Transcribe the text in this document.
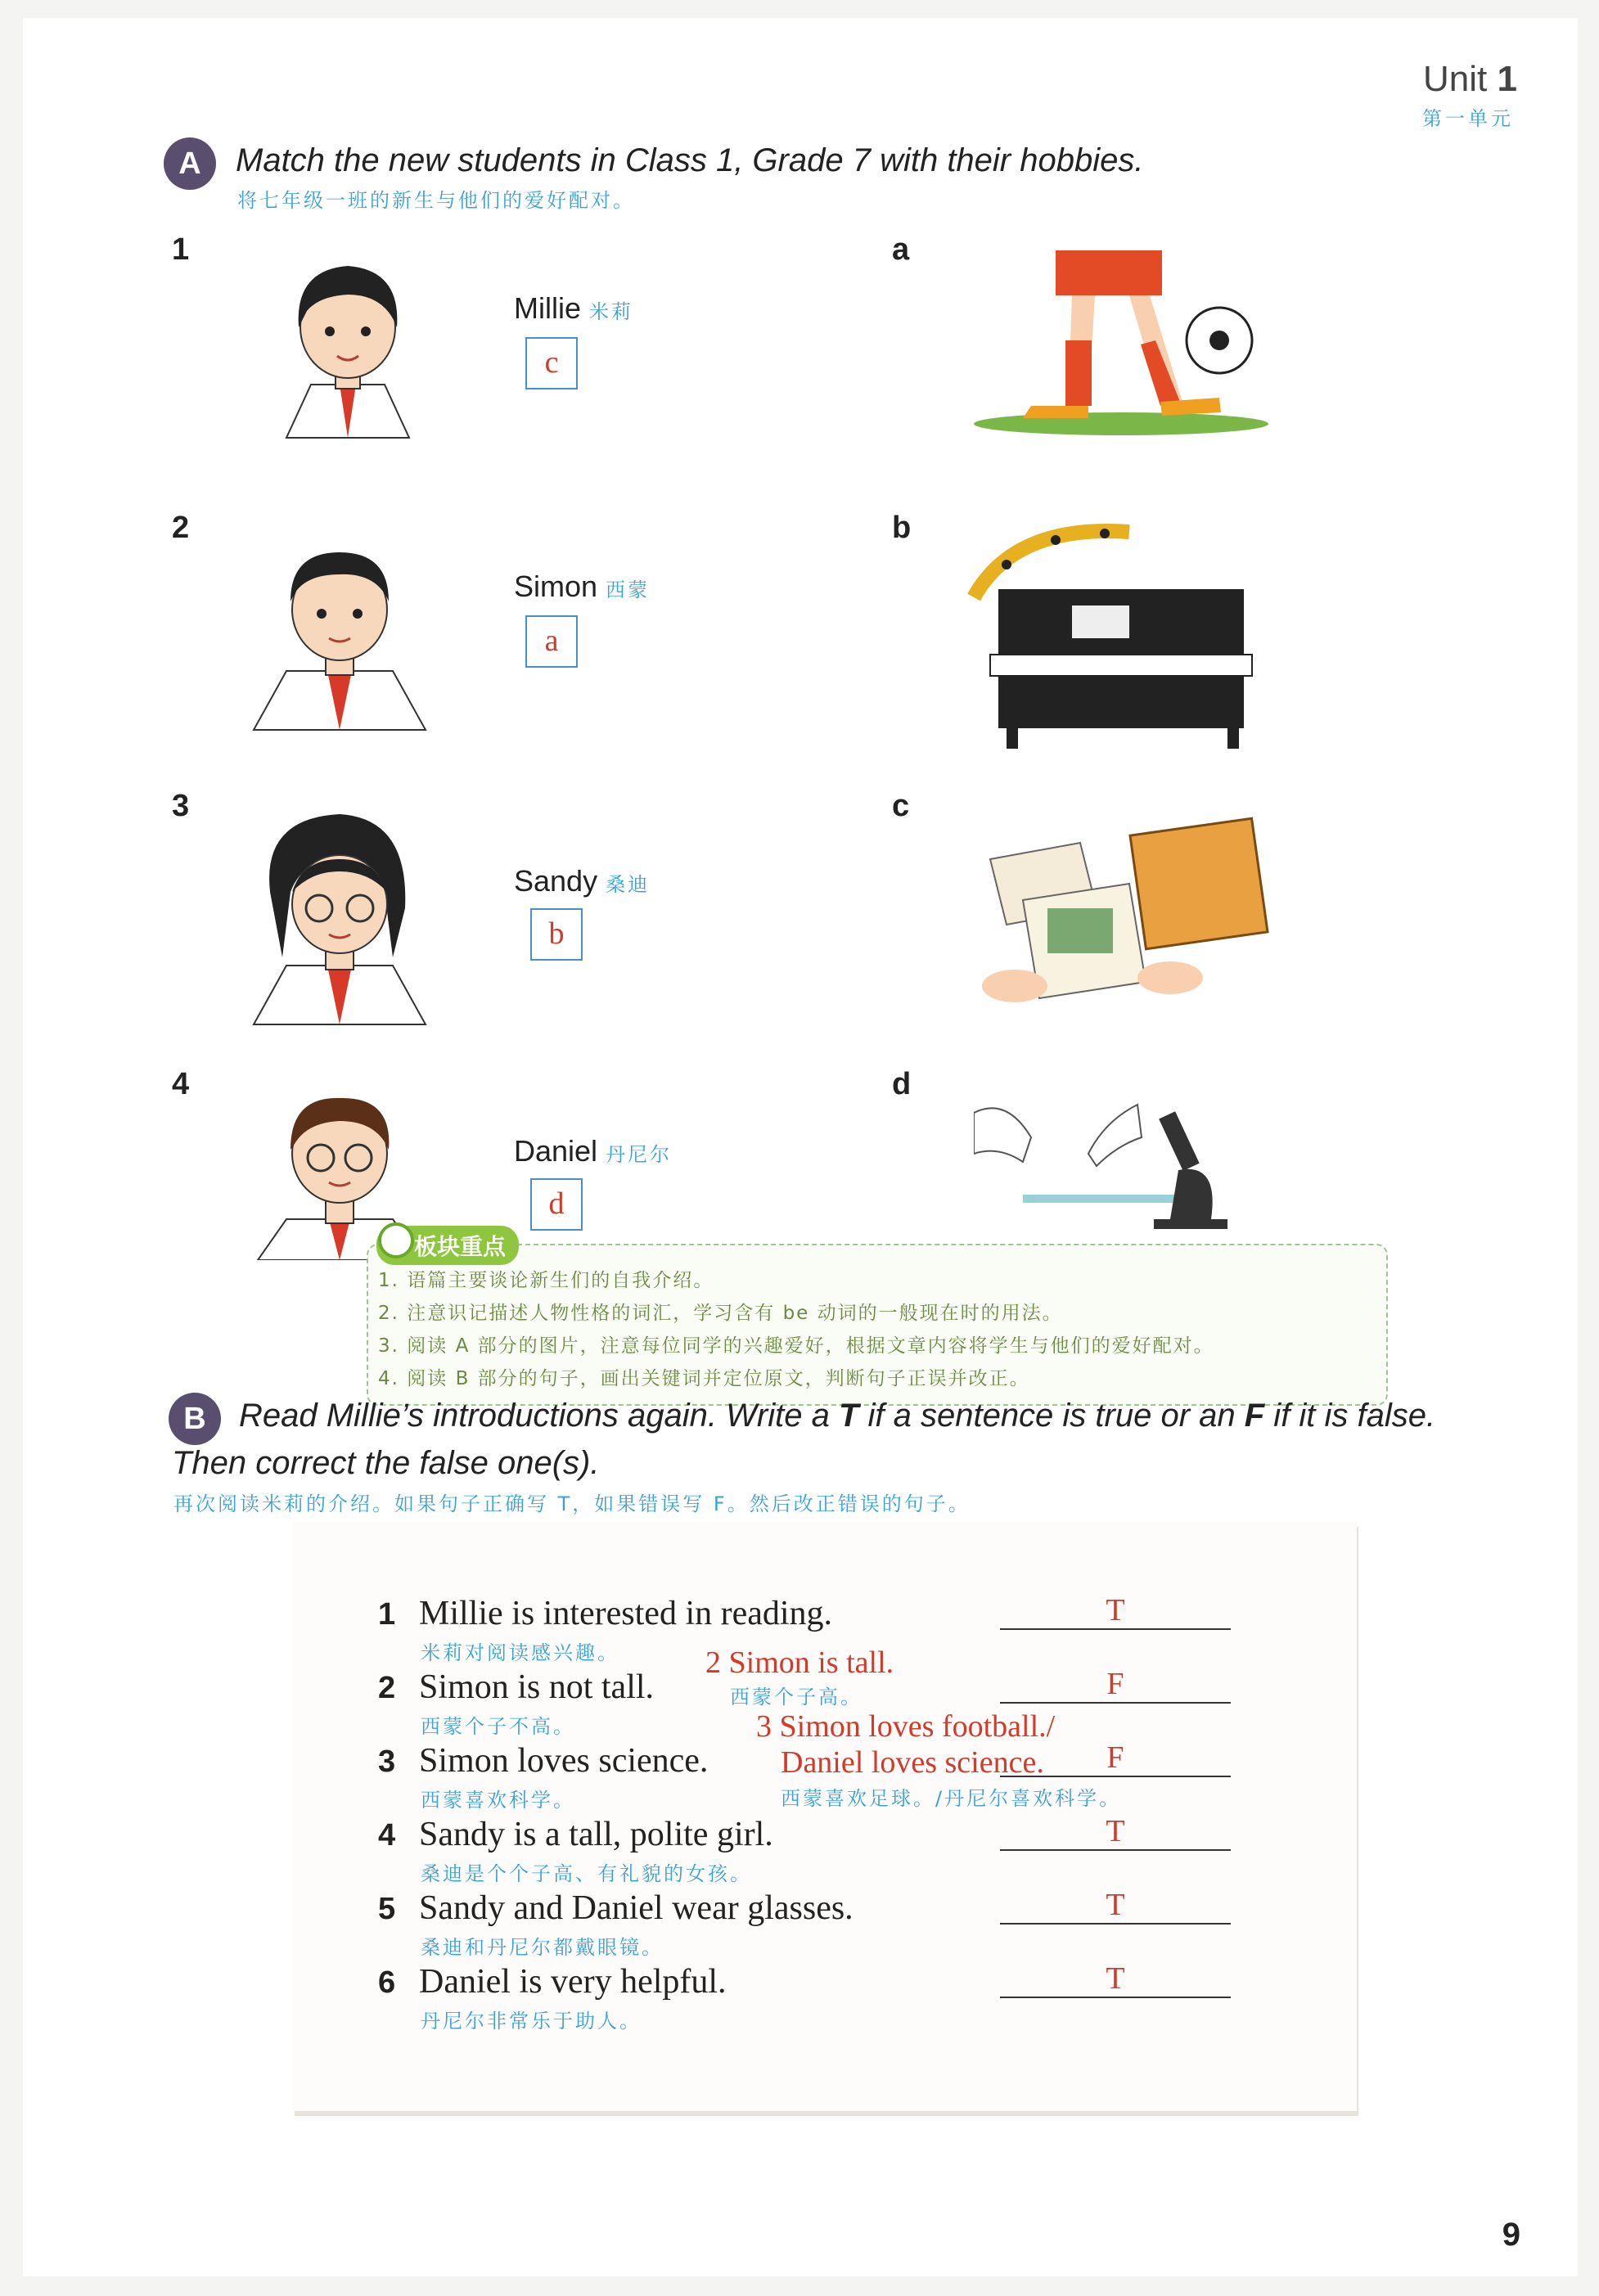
Unit 1
第一单元
A	Match the new students in Class 1, Grade 7 with their hobbies.
将七年级一班的新生与他们的爱好配对。
1
Millie 米莉
c
a
2
Simon 西蒙
a
b
3
Sandy 桑迪
b
c
4
Daniel 丹尼尔
d
d
板块重点
1. 语篇主要谈论新生们的自我介绍。
2. 注意识记描述人物性格的词汇，学习含有 be 动词的一般现在时的用法。
3. 阅读 A 部分的图片，注意每位同学的兴趣爱好，根据文章内容将学生与他们的爱好配对。
4. 阅读 B 部分的句子，画出关键词并定位原文，判断句子正误并改正。
B	Read Millie’s introductions again. Write a T if a sentence is true or an F if it is false.
Then correct the false one(s).
再次阅读米莉的介绍。如果句子正确写 T，如果错误写 F。然后改正错误的句子。
1 Millie is interested in reading.
米莉对阅读感兴趣。
T
2 Simon is not tall.
西蒙个子不高。
2 Simon is tall.
西蒙个子高。	F
3 Simon loves science.
西蒙喜欢科学。
3 Simon loves football./
Daniel loves science.
西蒙喜欢足球。/丹尼尔喜欢科学。
F
4 Sandy is a tall, polite girl.
桑迪是个个子高、有礼貌的女孩。
T
5 Sandy and Daniel wear glasses.
桑迪和丹尼尔都戴眼镜。
T
6 Daniel is very helpful.
丹尼尔非常乐于助人。
T
9
